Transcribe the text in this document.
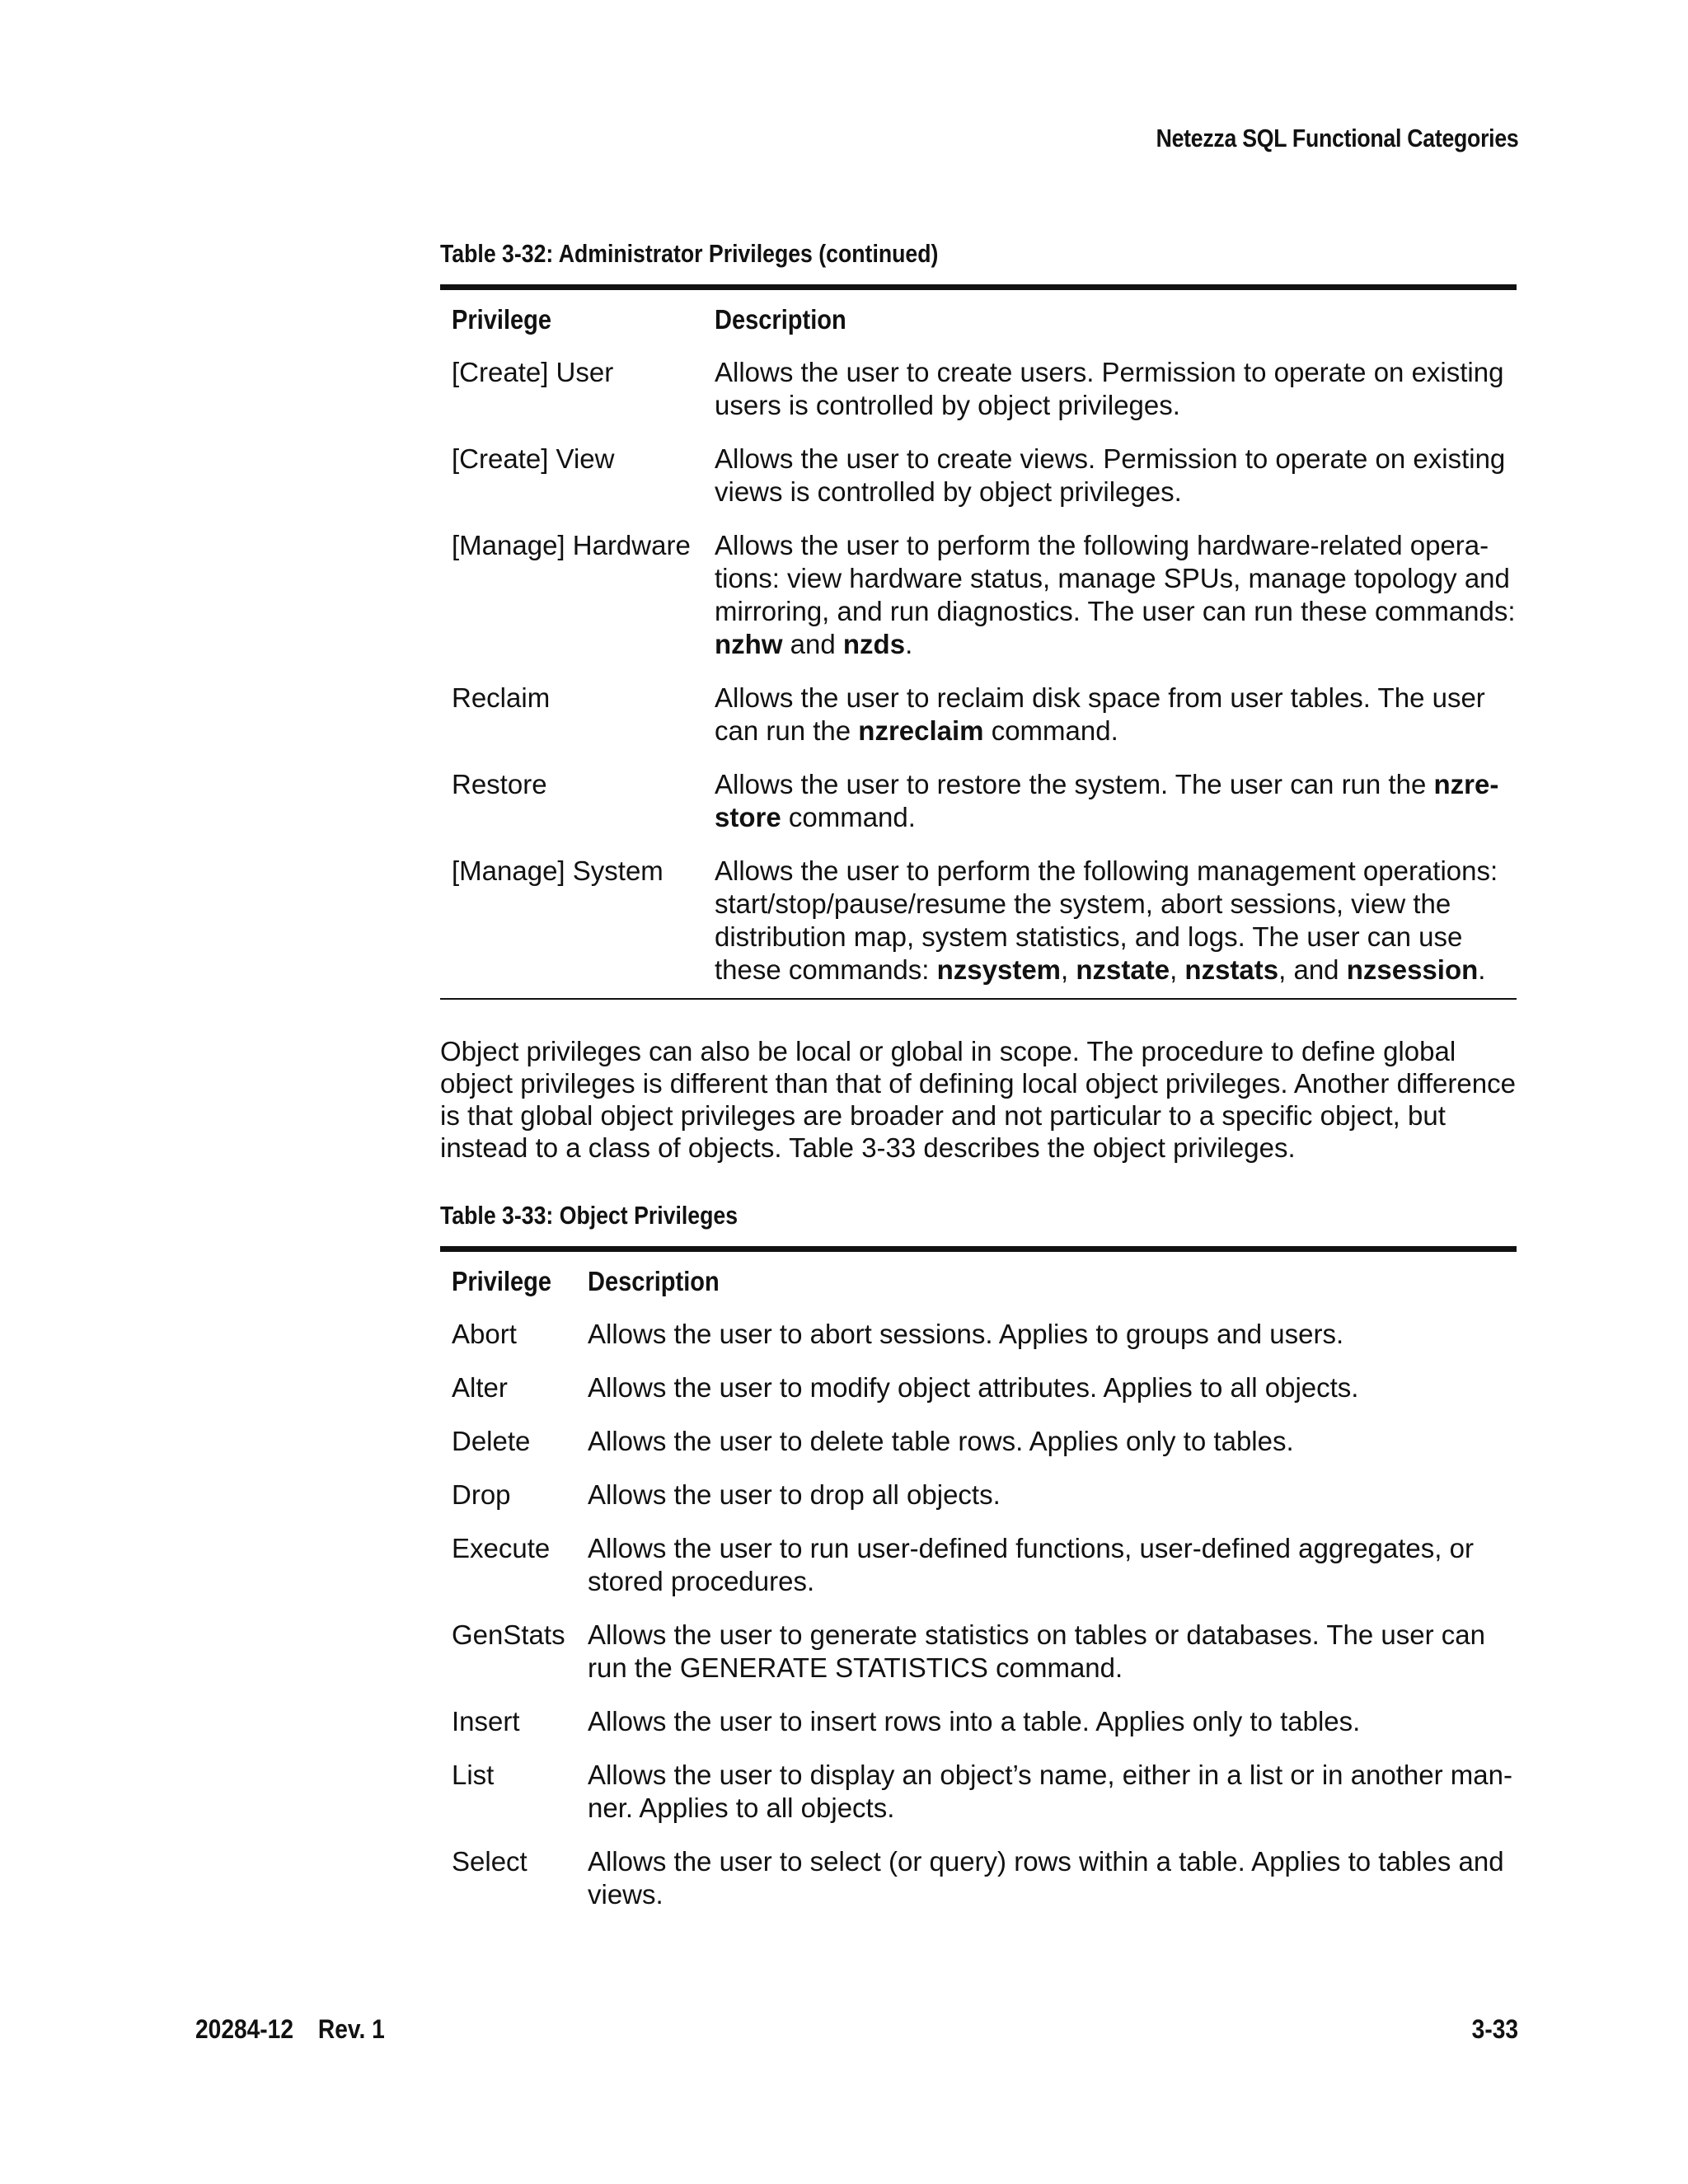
Netezza SQL Functional Categories
Table 3-32: Administrator Privileges (continued)
Privilege	Description
[Create] User	Allows the user to create users. Permission to operate on existing users is controlled by object privileges.
[Create] View	Allows the user to create views. Permission to operate on existing views is controlled by object privileges.
[Manage] Hardware	Allows the user to perform the following hardware-related operations: view hardware status, manage SPUs, manage topology and mirroring, and run diagnostics. The user can run these commands: nzhw and nzds.
Reclaim	Allows the user to reclaim disk space from user tables. The user can run the nzreclaim command.
Restore	Allows the user to restore the system. The user can run the nzrestore command.
[Manage] System	Allows the user to perform the following management operations: start/stop/pause/resume the system, abort sessions, view the distribution map, system statistics, and logs. The user can use these commands: nzsystem, nzstate, nzstats, and nzsession.

Object privileges can also be local or global in scope. The procedure to define global object privileges is different than that of defining local object privileges. Another difference is that global object privileges are broader and not particular to a specific object, but instead to a class of objects. Table 3-33 describes the object privileges.

Table 3-33: Object Privileges
Privilege	Description
Abort	Allows the user to abort sessions. Applies to groups and users.
Alter	Allows the user to modify object attributes. Applies to all objects.
Delete	Allows the user to delete table rows. Applies only to tables.
Drop	Allows the user to drop all objects.
Execute	Allows the user to run user-defined functions, user-defined aggregates, or stored procedures.
GenStats	Allows the user to generate statistics on tables or databases. The user can run the GENERATE STATISTICS command.
Insert	Allows the user to insert rows into a table. Applies only to tables.
List	Allows the user to display an object’s name, either in a list or in another manner. Applies to all objects.
Select	Allows the user to select (or query) rows within a table. Applies to tables and views.
20284-12 Rev. 1	3-33
